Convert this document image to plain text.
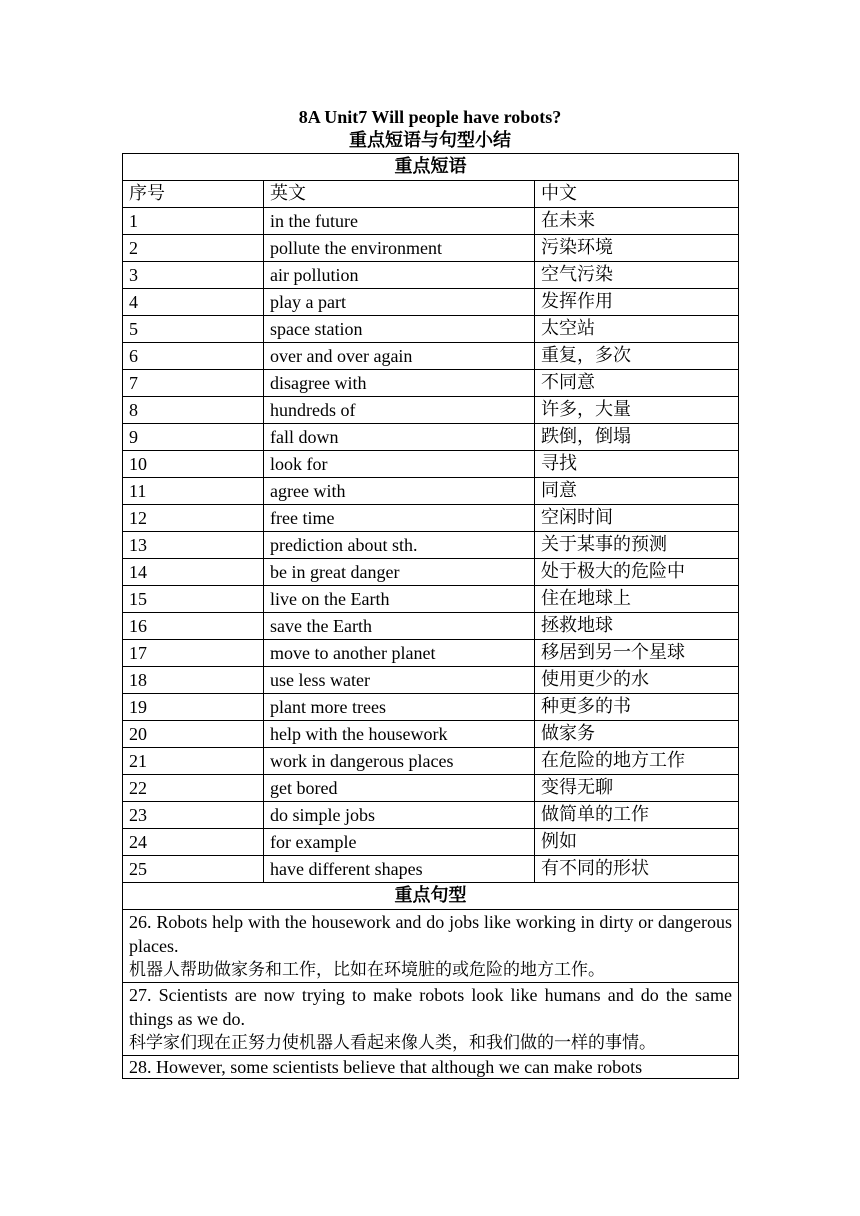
8A Unit7 Will people have robots?
重点短语与句型小结
重点短语		
序号	英文	中文
1	in the future	在未来
2	pollute the environment	污染环境
3	air pollution	空气污染
4	play a part	发挥作用
5	space station	太空站
6	over and over again	重复，多次
7	disagree with	不同意
8	hundreds of	许多，大量
9	fall down	跌倒，倒塌
10	look for	寻找
11	agree with	同意
12	free time	空闲时间
13	prediction about sth.	关于某事的预测
14	be in great danger	处于极大的危险中
15	live on the Earth	住在地球上
16	save the Earth	拯救地球
17	move to another planet	移居到另一个星球
18	use less water	使用更少的水
19	plant more trees	种更多的书
20	help with the housework	做家务
21	work in dangerous places	在危险的地方工作
22	get bored	变得无聊
23	do simple jobs	做简单的工作
24	for example	例如
25	have different shapes	有不同的形状
重点句型		

26. Robots help with the housework and do jobs like working in dirty or dangerous places.
机器人帮助做家务和工作，比如在环境脏的或危险的地方工作。		

27. Scientists are now trying to make robots look like humans and do the same things as we do.
科学家们现在正努力使机器人看起来像人类，和我们做的一样的事情。		

28. However, some scientists believe that although we can make robots		
